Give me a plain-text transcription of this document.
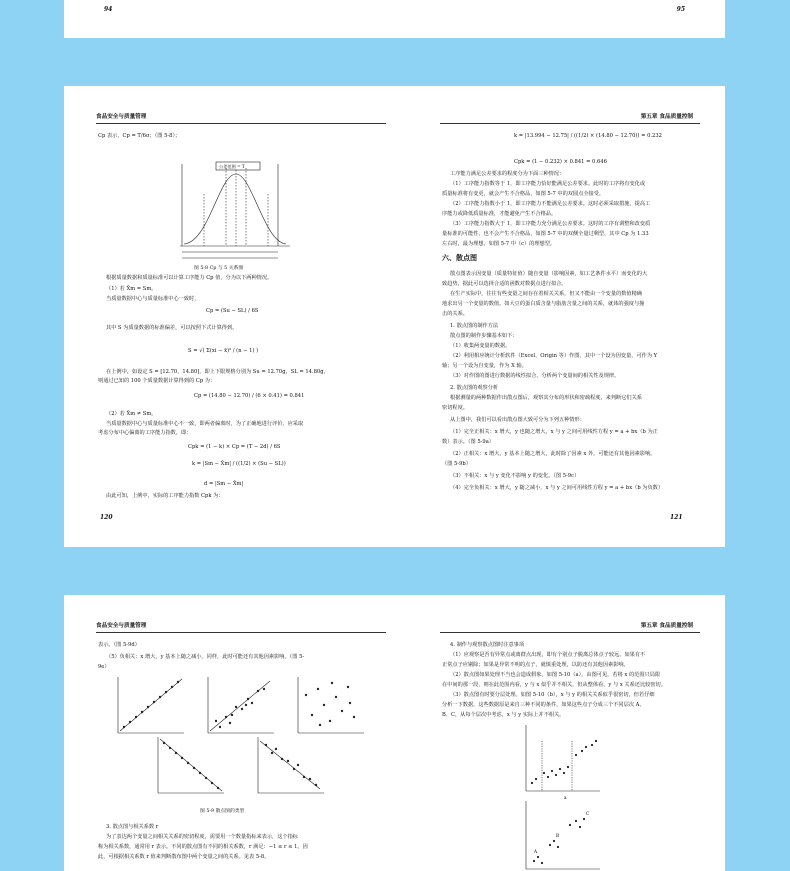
94	95
食品安全与质量管理	第五章 食品质量控制
Cp 表示，Cp = T/6σ；（图 5-8）；
公差范围 = T
图 5-8 Cp 与 5 关系图
根据质量数据和质量标准可以计算工序能力 Cp 值，分为以下两种情况。
（1）若 X̄m = Sm。
当质量数据中心与质量标准中心一致时，
Cp = (Su − SL) / 6S
其中 S 为质量数据的标准偏差，可以按照下式计算得到。
S = √( Σ(xi − x̄)² / (n − 1) )
在上例中，如设定 S = [12.70，14.80]，即上下限规格分别为 Su = 12.70g，SL = 14.80g，
则通过已知的 100 个质量数据计算得到的 Cp 为：
Cp = (14.80 − 12.70) / (6 × 0.41) = 0.841
（2）若 X̄m ≠ Sm。
当质量数据中心与质量标准中心不一致，即两者偏离时，为了正确地进行评价，应采取
考虑分布中心偏离的工序能力指数，即：
Cpk = (1 − k) × Cp = (T − 2d) / 6S
k = |Sm − X̄m| / ((1/2) × (Su − SL))
d = |Sm − X̄m|
由此可知，上例中，实际的工序能力指数 Cpk 为：
120
k = |13.994 − 12.75| / ((1/2) × (14.80 − 12.70)) = 0.232
Cpk = (1 − 0.232) × 0.841 = 0.646
工序能力满足公差要求的程度分为下面三种情况：
（1）工序能力指数等于 1，即工序能力恰好能满足公差要求。此时的工序将有变化或
质量标准将有变更，就会产生不合格品，如图 5-7 中的双圆点全接受。
（2）工序能力指数小于 1，即工序能力不能满足公差要求。这时必须采取措施，提高工
序能力或降低质量标准，才能避免产生不合格品。
（3）工序能力指数大于 1，即工序能力充分满足公差要求。这时的工序有调整和改变质
量标准的可能性，也不会产生不合格品，如图 5-7 中的双侧全量过剩型，其中 Cp 为 1.33
左右时，最为理想，如图 5-7 中（c）的理想型。
六、散点图
散点图表示因变量（质量特征值）随自变量（影响因素，如工艺条件水平）而变化的大
致趋势，据此可以选择合适的函数对数据点进行拟合。
在生产实际中，往往有些变量之间存在着相关关系，但又不能由一个变量的数值精确
地求出另一个变量的数值。如大豆的蛋白质含量与脂肪含量之间的关系，就体的强度与撞
击的关系。
1. 散点图的制作方法
散点图的制作步骤基本如下：
（1）收集两变量的数据。
（2）利用相应统计分析软件（Excel、Origin 等）作图，其中一个设为因变量，可作为 Y
轴；另一个设为自变量，作为 X 轴。
（3）对作图的图进行数据的线性拟合，分析两个变量间的相关性及规律。
2. 散点图的观察分析
根据测量的两种数据作出散点图后，观察其分布的形状和密疏程度，来判断它们关系
密切程度。
从上图中，我们可以看出散点图大致可分为下列五种情形：
（1）完全正相关：x 增大，y 也随之增大，x 与 y 之间可用线性方程 y = a + bx（b 为正
数）表示。（图 5-9a）
（2）正相关：x 增大，y 基本上随之增大，此时除了因素 x 外，可能还有其他因素影响。
（图 5-9b）
（3）不相关：x 与 y 变化不影响 y 的变化。（图 5-9c）
（4）完全负相关：x 增大，y 随之减小，x 与 y 之间可用线性方程 y = a + bx（b 为负数）
121
食品安全与质量管理	第五章 食品质量控制
表示。（图 5-9d）
（5）负相关：x 增大，y 基本上随之减小。同样，此时可能还有其他因素影响。（图 5-
9e）
图 5-9 散点图的类型
3. 散点图与相关系数 r
为了表达两个变量之间相关关系的密切程度，需要用一个数量指标来表示，这个指标
称为相关系数，通常用 r 表示。不同的散点图有不同的相关系数，r 满足：−1 ≤ r ≤ 1。因
此，可根据相关系数 r 值来判断散布图中两个变量之间的关系。见表 5-8。
4. 制作与观察散点图时注意事项
（1）应观察是否有异常点或离群点出现，即有个别点子脱离总体点子较远。如果有不
正常点子应剔除；如果是异常不明的点子，就慎重处理，以防还有其他因素影响。
（2）散点图如果处理不当也会造成假象。如图 5-10（a），由图可见，若将 x 的范围只局限
在中间的那一段，则在此范围内看，y 与 x 似乎并不相关，但从整体看，y 与 x 关系还比较密切。
（3）散点图有时要分层处理。如图 5-10（b），x 与 y 的相关关系似乎很密切，但若仔细
分析一下数据，这些数据原是来自三种不同的条件，如果这些点子分成三个不同层次 A、
B、C，从每个层次中考虑，x 与 y 实际上并不相关。
a
A
B
C
